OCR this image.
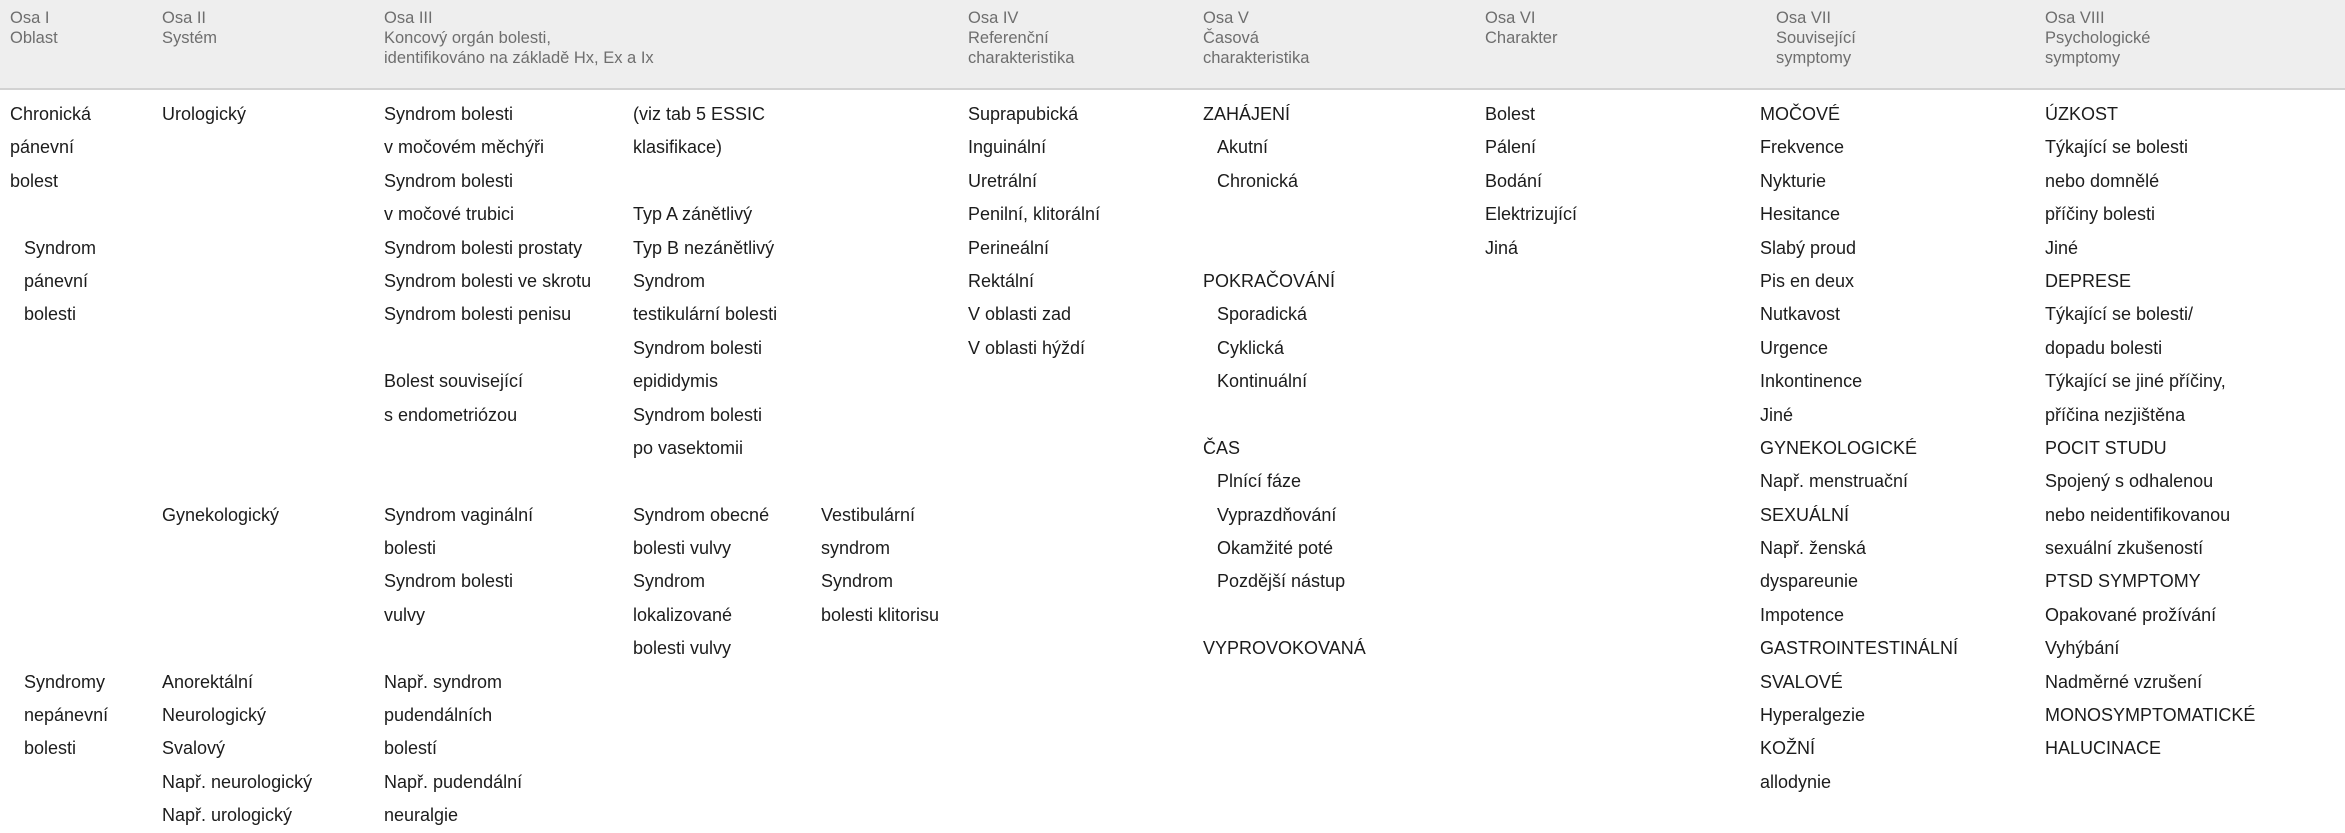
Osa I
Oblast
Osa II
Systém
Osa III
Koncový orgán bolesti,
identifikováno na základě Hx, Ex a Ix
Osa IV
Referenční
charakteristika
Osa V
Časová
charakteristika
Osa VI
Charakter
Osa VII
Související
symptomy
Osa VIII
Psychologické
symptomy
Chronická
pánevní
bolest
Syndrom
pánevní
bolesti
Syndromy
nepánevní
bolesti
Urologický
Gynekologický
Anorektální
Neurologický
Svalový
Např. neurologický
Např. urologický
Syndrom bolesti
v močovém měchýři
Syndrom bolesti
v močové trubici
Syndrom bolesti prostaty
Syndrom bolesti ve skrotu
Syndrom bolesti penisu
Bolest související
s endometriózou
Syndrom vaginální
bolesti
Syndrom bolesti
vulvy
Např. syndrom
pudendálních
bolestí
Např. pudendální
neuralgie
(viz tab 5 ESSIC
klasifikace)
Typ A zánětlivý
Typ B nezánětlivý
Syndrom
testikulární bolesti
Syndrom bolesti
epididymis
Syndrom bolesti
po vasektomii
Syndrom obecné
bolesti vulvy
Syndrom
lokalizované
bolesti vulvy
Vestibulární
syndrom
Syndrom
bolesti klitorisu
Suprapubická
Inguinální
Uretrální
Penilní, klitorální
Perineální
Rektální
V oblasti zad
V oblasti hýždí
ZAHÁJENÍ
Akutní
Chronická
POKRAČOVÁNÍ
Sporadická
Cyklická
Kontinuální
ČAS
Plnící fáze
Vyprazdňování
Okamžité poté
Pozdější nástup
VYPROVOKOVANÁ
Bolest
Pálení
Bodání
Elektrizující
Jiná
MOČOVÉ
Frekvence
Nykturie
Hesitance
Slabý proud
Pis en deux
Nutkavost
Urgence
Inkontinence
Jiné
GYNEKOLOGICKÉ
Např. menstruační
SEXUÁLNÍ
Např. ženská
dyspareunie
Impotence
GASTROINTESTINÁLNÍ
SVALOVÉ
Hyperalgezie
KOŽNÍ
allodynie
ÚZKOST
Týkající se bolesti
nebo domnělé
příčiny bolesti
Jiné
DEPRESE
Týkající se bolesti/
dopadu bolesti
Týkající se jiné příčiny,
příčina nezjištěna
POCIT STUDU
Spojený s odhalenou
nebo neidentifikovanou
sexuální zkušeností
PTSD SYMPTOMY
Opakované prožívání
Vyhýbání
Nadměrné vzrušení
MONOSYMPTOMATICKÉ
HALUCINACE
